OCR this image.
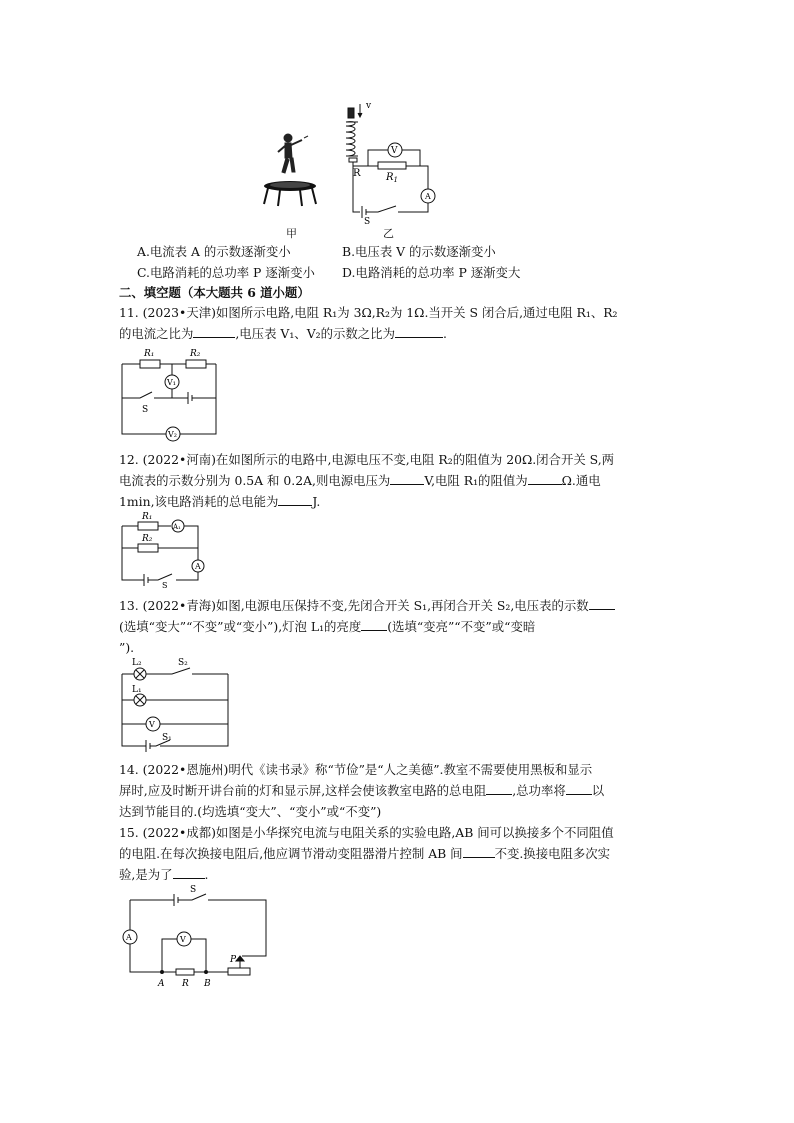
v
V
R	$R_1$
A
S
甲	乙
A.电流表 A 的示数逐渐变小	B.电压表 V 的示数逐渐变小
C.电路消耗的总功率 P 逐渐变小 D.电路消耗的总功率 P 逐渐变大
二、填空题（本大题共 6 道小题）
11. (2023•天津)如图所示电路,电阻 R₁为 3Ω,R₂为 1Ω.当开关 S 闭合后,通过电阻 R₁、R₂
的电流之比为	,电压表 V₁、V₂的示数之比为	.
R₁	R₂
V₁
V₂
S
12. (2022•河南)在如图所示的电路中,电源电压不变,电阻 R₂的阻值为 20Ω.闭合开关 S,两
电流表的示数分别为 0.5A 和 0.2A,则电源电压为	V,电阻 R₁的阻值为	Ω.通电
1min,该电路消耗的总电能为	J.
R₁
R₂
A₁
A
S
13. (2022•青海)如图,电源电压保持不变,先闭合开关 S₁,再闭合开关 S₂,电压表的示数
(选填“变大”“不变”或“变小”),灯泡 L₁的亮度 (选填“变亮”“不变”或“变暗
”).
L₂	S₂
L₁
V
S₁
14. (2022•恩施州)明代《读书录》称“节俭”是“人之美德”.教室不需要使用黑板和显示
屏时,应及时断开讲台前的灯和显示屏,这样会使该教室电路的总电阻 ,总功率将 以
达到节能目的.(均选填“变大”、“变小”或“不变”)
15. (2022•成都)如图是小华探究电流与电阻关系的实验电路,AB 间可以换接多个不同阻值
的电阻.在每次换接电阻后,他应调节滑动变阻器滑片控制 AB 间	不变.换接电阻多次实
验,是为了	.
S
A	V
P
A R B
